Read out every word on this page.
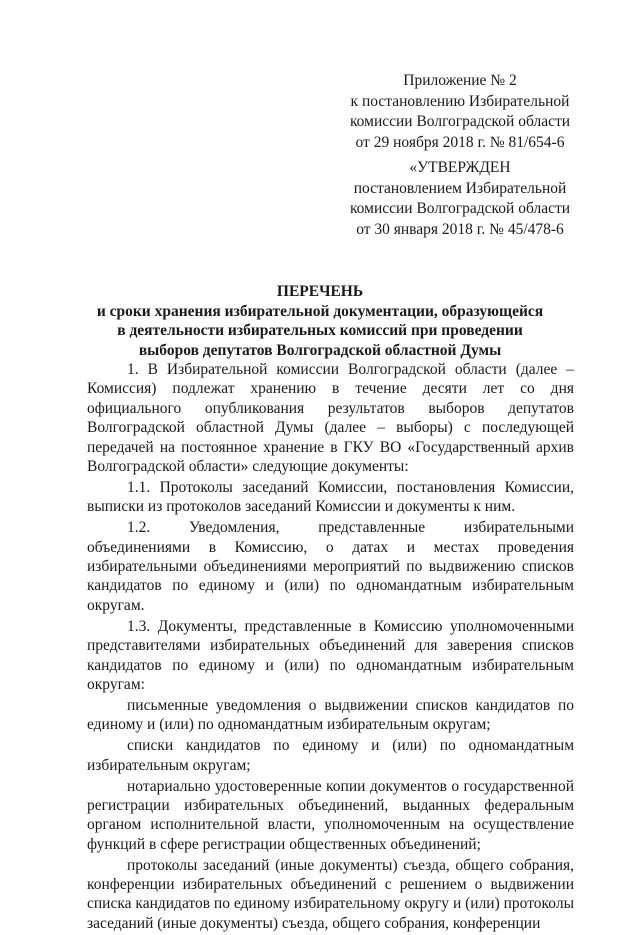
Приложение № 2
к постановлению Избирательной
комиссии Волгоградской области
от 29 ноября 2018 г. № 81/654-6
«УТВЕРЖДЕН
постановлением Избирательной
комиссии Волгоградской области
от 30 января 2018 г. № 45/478-6
ПЕРЕЧЕНЬ
и сроки хранения избирательной документации, образующейся
в деятельности избирательных комиссий при проведении
выборов депутатов Волгоградской областной Думы

1. В Избирательной комиссии Волгоградской области (далее – Комиссия) подлежат хранению в течение десяти лет со дня официального опубликования результатов выборов депутатов Волгоградской областной Думы (далее – выборы) с последующей передачей на постоянное хранение в ГКУ ВО «Государственный архив Волгоградской области» следующие документы:

1.1. Протоколы заседаний Комиссии, постановления Комиссии, выписки из протоколов заседаний Комиссии и документы к ним.

1.2. Уведомления, представленные избирательными объединениями в Комиссию, о датах и местах проведения избирательными объединениями мероприятий по выдвижению списков кандидатов по единому и (или) по одномандатным избирательным округам.

1.3. Документы, представленные в Комиссию уполномоченными представителями избирательных объединений для заверения списков кандидатов по единому и (или) по одномандатным избирательным округам:

письменные уведомления о выдвижении списков кандидатов по единому и (или) по одномандатным избирательным округам;

списки кандидатов по единому и (или) по одномандатным избирательным округам;

нотариально удостоверенные копии документов о государственной регистрации избирательных объединений, выданных федеральным органом исполнительной власти, уполномоченным на осуществление функций в сфере регистрации общественных объединений;

протоколы заседаний (иные документы) съезда, общего собрания, конференции избирательных объединений с решением о выдвижении списка кандидатов по единому избирательному округу и (или) протоколы заседаний (иные документы) съезда, общего собрания, конференции
